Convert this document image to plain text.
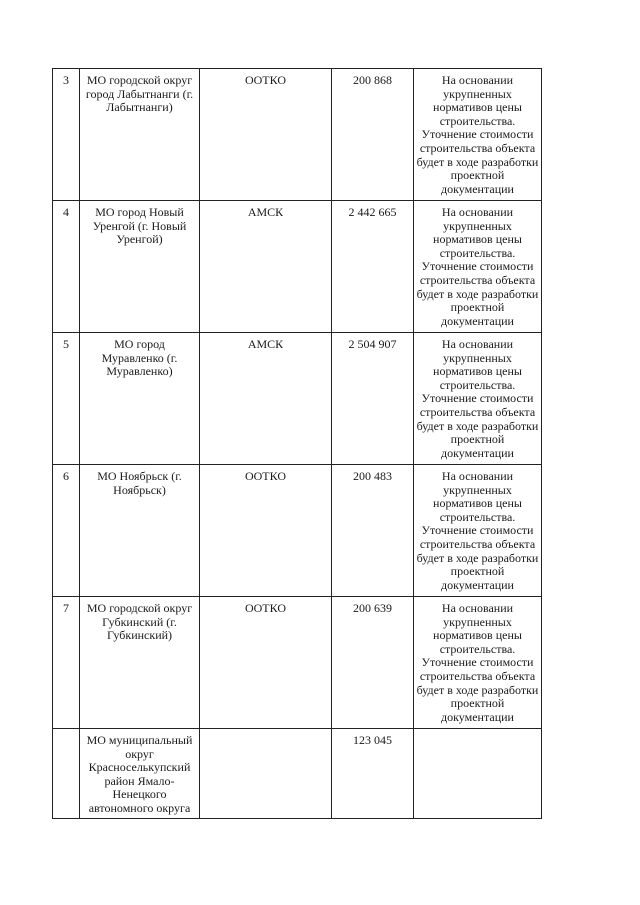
3	МО городской округ город Лабытнанги (г. Лабытнанги)	ООТКО	200 868	На основании укрупненных нормативов цены строительства. Уточнение стоимости строительства объекта будет в ходе разработки проектной документации
4	МО город Новый Уренгой (г. Новый Уренгой)	АМСК	2 442 665	На основании укрупненных нормативов цены строительства. Уточнение стоимости строительства объекта будет в ходе разработки проектной документации
5	МО город Муравленко (г. Муравленко)	АМСК	2 504 907	На основании укрупненных нормативов цены строительства. Уточнение стоимости строительства объекта будет в ходе разработки проектной документации
6	МО Ноябрьск (г. Ноябрьск)	ООТКО	200 483	На основании укрупненных нормативов цены строительства. Уточнение стоимости строительства объекта будет в ходе разработки проектной документации
7	МО городской округ Губкинский (г. Губкинский)	ООТКО	200 639	На основании укрупненных нормативов цены строительства. Уточнение стоимости строительства объекта будет в ходе разработки проектной документации
	МО муниципальный округ Красноселькупский район Ямало-Ненецкого автономного округа		123 045	
